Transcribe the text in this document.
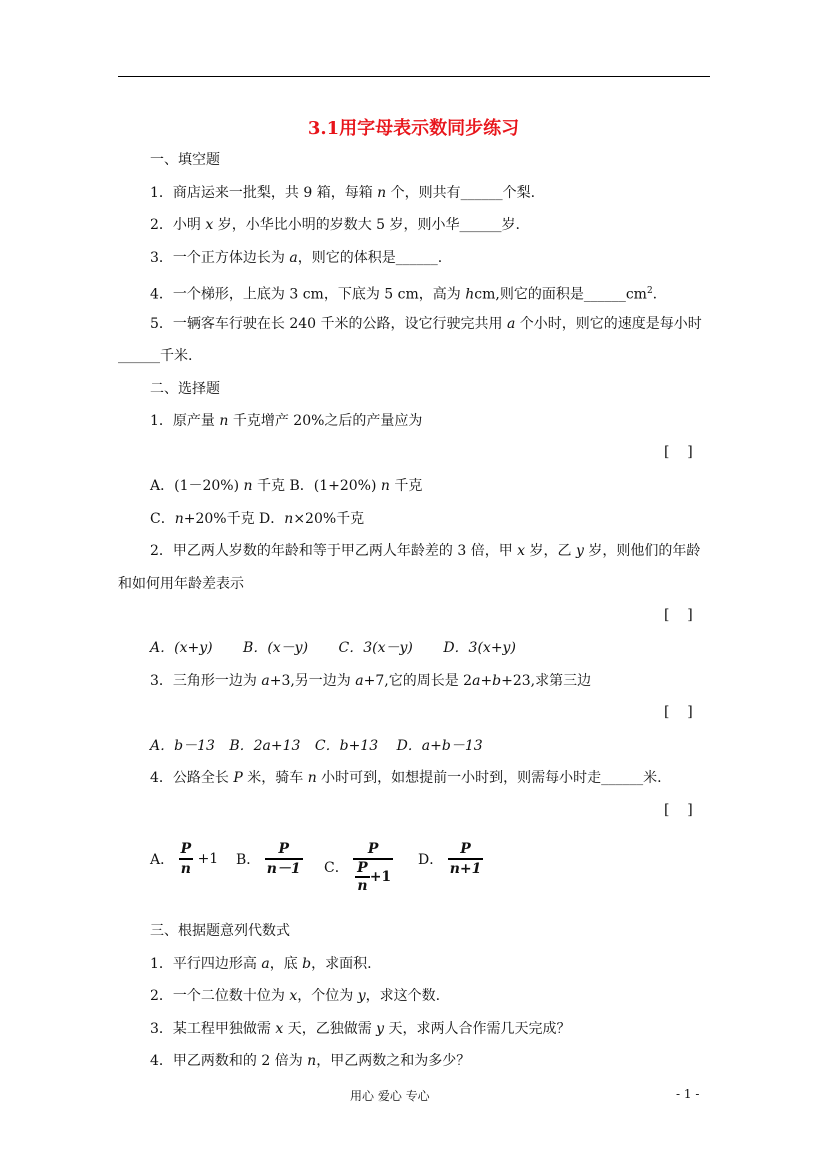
3.1用字母表示数同步练习
一、填空题
1．商店运来一批梨，共 9 箱，每箱 n 个，则共有______个梨.
2．小明 x 岁，小华比小明的岁数大 5 岁，则小华______岁.
3．一个正方体边长为 a，则它的体积是______.
4．一个梯形，上底为 3 cm，下底为 5 cm，高为 hcm,则它的面积是$\_\_\_\_\_\_cm^2$.
5．一辆客车行驶在长 240 千米的公路，设它行驶完共用 a 个小时，则它的速度是每小时
______千米.
二、选择题
1．原产量 n 千克增产 20%之后的产量应为
[    ]
A．(1－20%) n 千克 B．(1+20%) n 千克
C．n+20%千克 D．n×20%千克
2．甲乙两人岁数的年龄和等于甲乙两人年龄差的 3 倍，甲 x 岁，乙 y 岁，则他们的年龄
和如何用年龄差表示
[    ]
A．(x+y) B．(x－y) C．3(x－y) D．3(x+y)
3．三角形一边为 a+3,另一边为 a+7,它的周长是 2a+b+23,求第三边
[    ]
A．b－13 B．2a+13 C．b+13 D．a+b－13
4．公路全长 P 米，骑车 n 小时可到，如想提前一小时到，则需每小时走______米.
[    ]
A． $\frac{P}{n} +1$ B． $\frac{P}{n-1}$ C． $\frac{P}{\frac{P}{n} +1}$ D． $\frac{P}{n+1}$
三、根据题意列代数式
1．平行四边形高 a，底 b，求面积.
2．一个二位数十位为 x，个位为 y，求这个数.
3．某工程甲独做需 x 天，乙独做需 y 天，求两人合作需几天完成？
4．甲乙两数和的 2 倍为 n，甲乙两数之和为多少？
用心 爱心 专心	- 1 -
